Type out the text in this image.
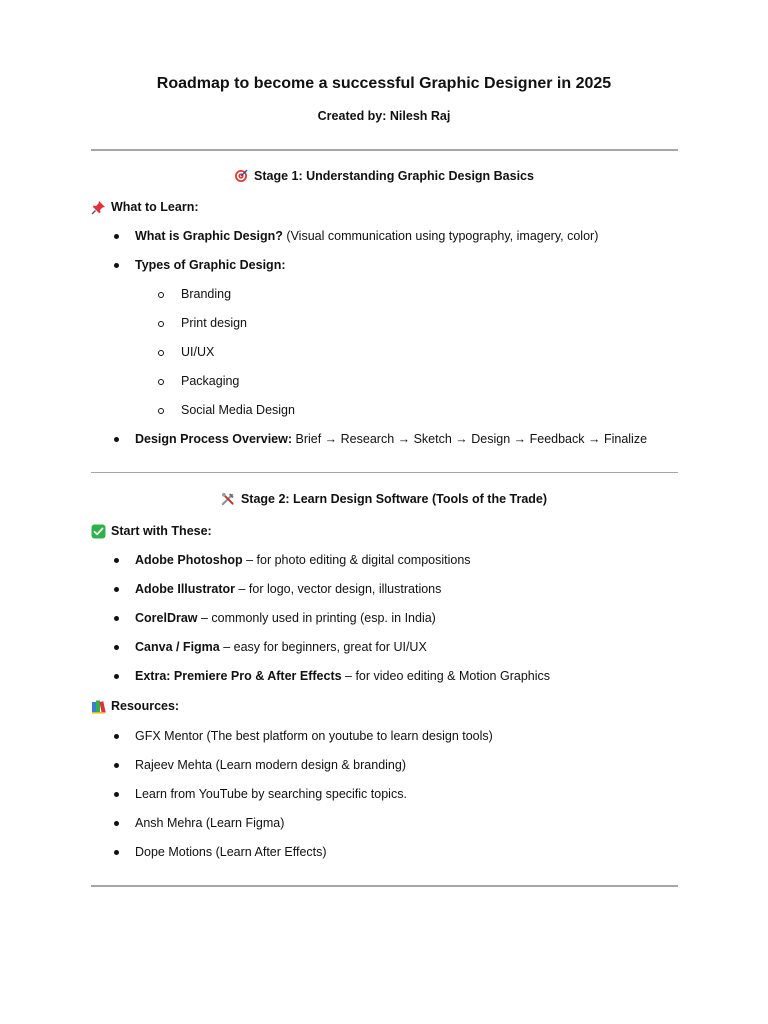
Roadmap to become a successful Graphic Designer in 2025
Created by: Nilesh Raj
Stage 1: Understanding Graphic Design Basics
What to Learn:
What is Graphic Design? (Visual communication using typography, imagery, color)
Types of Graphic Design:
Branding
Print design
UI/UX
Packaging
Social Media Design
Design Process Overview: Brief → Research → Sketch → Design → Feedback → Finalize
Stage 2: Learn Design Software (Tools of the Trade)
Start with These:
Adobe Photoshop – for photo editing & digital compositions
Adobe Illustrator – for logo, vector design, illustrations
CorelDraw – commonly used in printing (esp. in India)
Canva / Figma – easy for beginners, great for UI/UX
Extra: Premiere Pro & After Effects – for video editing & Motion Graphics
Resources:
GFX Mentor (The best platform on youtube to learn design tools)
Rajeev Mehta (Learn modern design & branding)
Learn from YouTube by searching specific topics.
Ansh Mehra (Learn Figma)
Dope Motions (Learn After Effects)
